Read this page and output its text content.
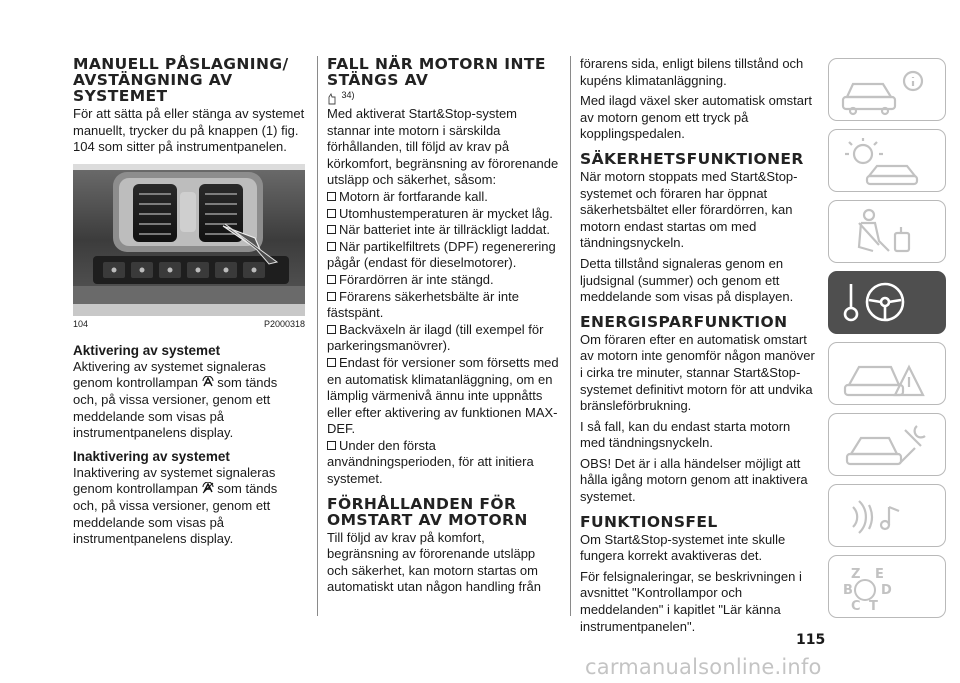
MANUELL PÅSLAGNING/ AVSTÄNGNING AV SYSTEMET

För att sätta på eller stänga av systemet manuellt, trycker du på knappen (1) fig. 104 som sitter på instrumentpanelen.

104	P2000318
Aktivering av systemet

Aktivering av systemet signaleras genom kontrollampan som tänds och, på vissa versioner, genom ett meddelande som visas på instrumentpanelens display.

Inaktivering av systemet

Inaktivering av systemet signaleras genom kontrollampan som tänds och, på vissa versioner, genom ett meddelande som visas på instrumentpanelens display.

FALL NÄR MOTORN INTE STÄNGS AV
$^{34)}$

Med aktiverat Start&Stop-system stannar inte motorn i särskilda förhållanden, till följd av krav på körkomfort, begränsning av förorenande utsläpp och säkerhet, såsom:

Motorn är fortfarande kall.
Utomhustemperaturen är mycket låg.
När batteriet inte är tillräckligt laddat.
När partikelfiltrets (DPF) regenerering pågår (endast för dieselmotorer).
Förardörren är inte stängd.
Förarens säkerhetsbälte är inte fästspänt.
Backväxeln är ilagd (till exempel för parkeringsmanövrer).
Endast för versioner som försetts med en automatisk klimatanläggning, om en lämplig värmenivå ännu inte uppnåtts eller efter aktivering av funktionen MAX-DEF.
Under den första användningsperioden, för att initiera systemet.
FÖRHÅLLANDEN FÖR OMSTART AV MOTORN

Till följd av krav på komfort, begränsning av förorenande utsläpp och säkerhet, kan motorn startas om automatiskt utan någon handling från

förarens sida, enligt bilens tillstånd och kupéns klimatanläggning.

Med ilagd växel sker automatisk omstart av motorn genom ett tryck på kopplingspedalen.

SÄKERHETSFUNKTIONER

När motorn stoppats med Start&Stop-systemet och föraren har öppnat säkerhetsbältet eller förardörren, kan motorn endast startas om med tändningsnyckeln.

Detta tillstånd signaleras genom en ljudsignal (summer) och genom ett meddelande som visas på displayen.

ENERGISPARFUNKTION

Om föraren efter en automatisk omstart av motorn inte genomför någon manöver i cirka tre minuter, stannar Start&Stop-systemet definitivt motorn för att undvika bränsleförbrukning.

I så fall, kan du endast starta motorn med tändningsnyckeln.

OBS! Det är i alla händelser möjligt att hålla igång motorn genom att inaktivera systemet.

FUNKTIONSFEL

Om Start&Stop-systemet inte skulle fungera korrekt avaktiveras det.

För felsignaleringar, se beskrivningen i avsnittet "Kontrollampor och meddelanden" i kapitlet "Lär känna instrumentpanelen".

115
carmanualsonline.info
Z E
B D
C T
